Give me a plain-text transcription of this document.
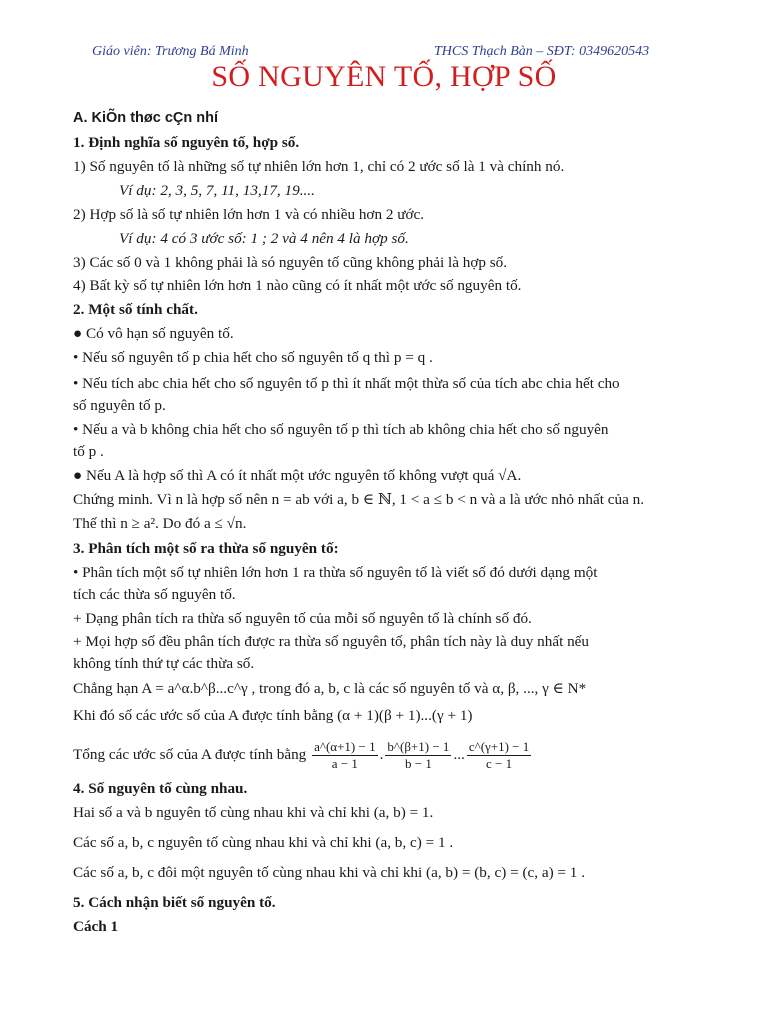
Giáo viên: Trương Bá Minh	THCS Thạch Bàn – SĐT: 0349620543
SỐ NGUYÊN TỐ, HỢP SỐ
A. KiÕn thøc cÇn nhí
1. Định nghĩa số nguyên tố, hợp số.
1) Số nguyên tố là những số tự nhiên lớn hơn 1, chỉ có 2 ước số là 1 và chính nó.
Ví dụ: 2, 3, 5, 7, 11, 13,17, 19....
2) Hợp số là số tự nhiên lớn hơn 1 và có nhiều hơn 2 ước.
Ví dụ: 4 có 3 ước số: 1 ; 2 và 4 nên 4 là hợp số.
3) Các số 0 và 1 không phải là só nguyên tố cũng không phải là hợp số.
4) Bất kỳ số tự nhiên lớn hơn 1 nào cũng có ít nhất một ước số nguyên tố.
2. Một số tính chất.
● Có vô hạn số nguyên tố.
• Nếu số nguyên tố p chia hết cho số nguyên tố q thì p = q .
• Nếu tích abc chia hết cho số nguyên tố p thì ít nhất một thừa số của tích abc chia hết cho
số nguyên tố p.
• Nếu a và b không chia hết cho số nguyên tố p thì tích ab không chia hết cho số nguyên
tố p .
● Nếu A là hợp số thì A có ít nhất một ước nguyên tố không vượt quá √A.
Chứng minh. Vì n là hợp số nên n = ab với a, b ∈ ℕ, 1 < a ≤ b < n và a là ước nhỏ nhất của n.
Thế thì n ≥ a². Do đó a ≤ √n.
3. Phân tích một số ra thừa số nguyên tố:
• Phân tích một số tự nhiên lớn hơn 1 ra thừa số nguyên tố là viết số đó dưới dạng một
tích các thừa số nguyên tố.
+ Dạng phân tích ra thừa số nguyên tố của mỗi số nguyên tố là chính số đó.
+ Mọi hợp số đều phân tích được ra thừa số nguyên tố, phân tích này là duy nhất nếu
không tính thứ tự các thừa số.
Chẳng hạn A = a^α.b^β...c^γ , trong đó a, b, c là các số nguyên tố và α, β, ..., γ ∈ N*
Khi đó số các ước số của A được tính bằng (α + 1)(β + 1)...(γ + 1)
Tổng các ước số của A được tính bằng $\frac{a\^{}(\alpha+1) - 1}{a - 1}$ . $\frac{b\^{}(\beta+1) - 1}{b - 1}$ ... $\frac{c\^{}(\gamma+1) - 1}{c - 1}$
4. Số nguyên tố cùng nhau.
Hai số a và b nguyên tố cùng nhau khi và chỉ khi (a, b) = 1.
Các số a, b, c nguyên tố cùng nhau khi và chỉ khi (a, b, c) = 1 .
Các số a, b, c đôi một nguyên tố cùng nhau khi và chỉ khi (a, b) = (b, c) = (c, a) = 1 .
5. Cách nhận biết số nguyên tố.
Cách 1
